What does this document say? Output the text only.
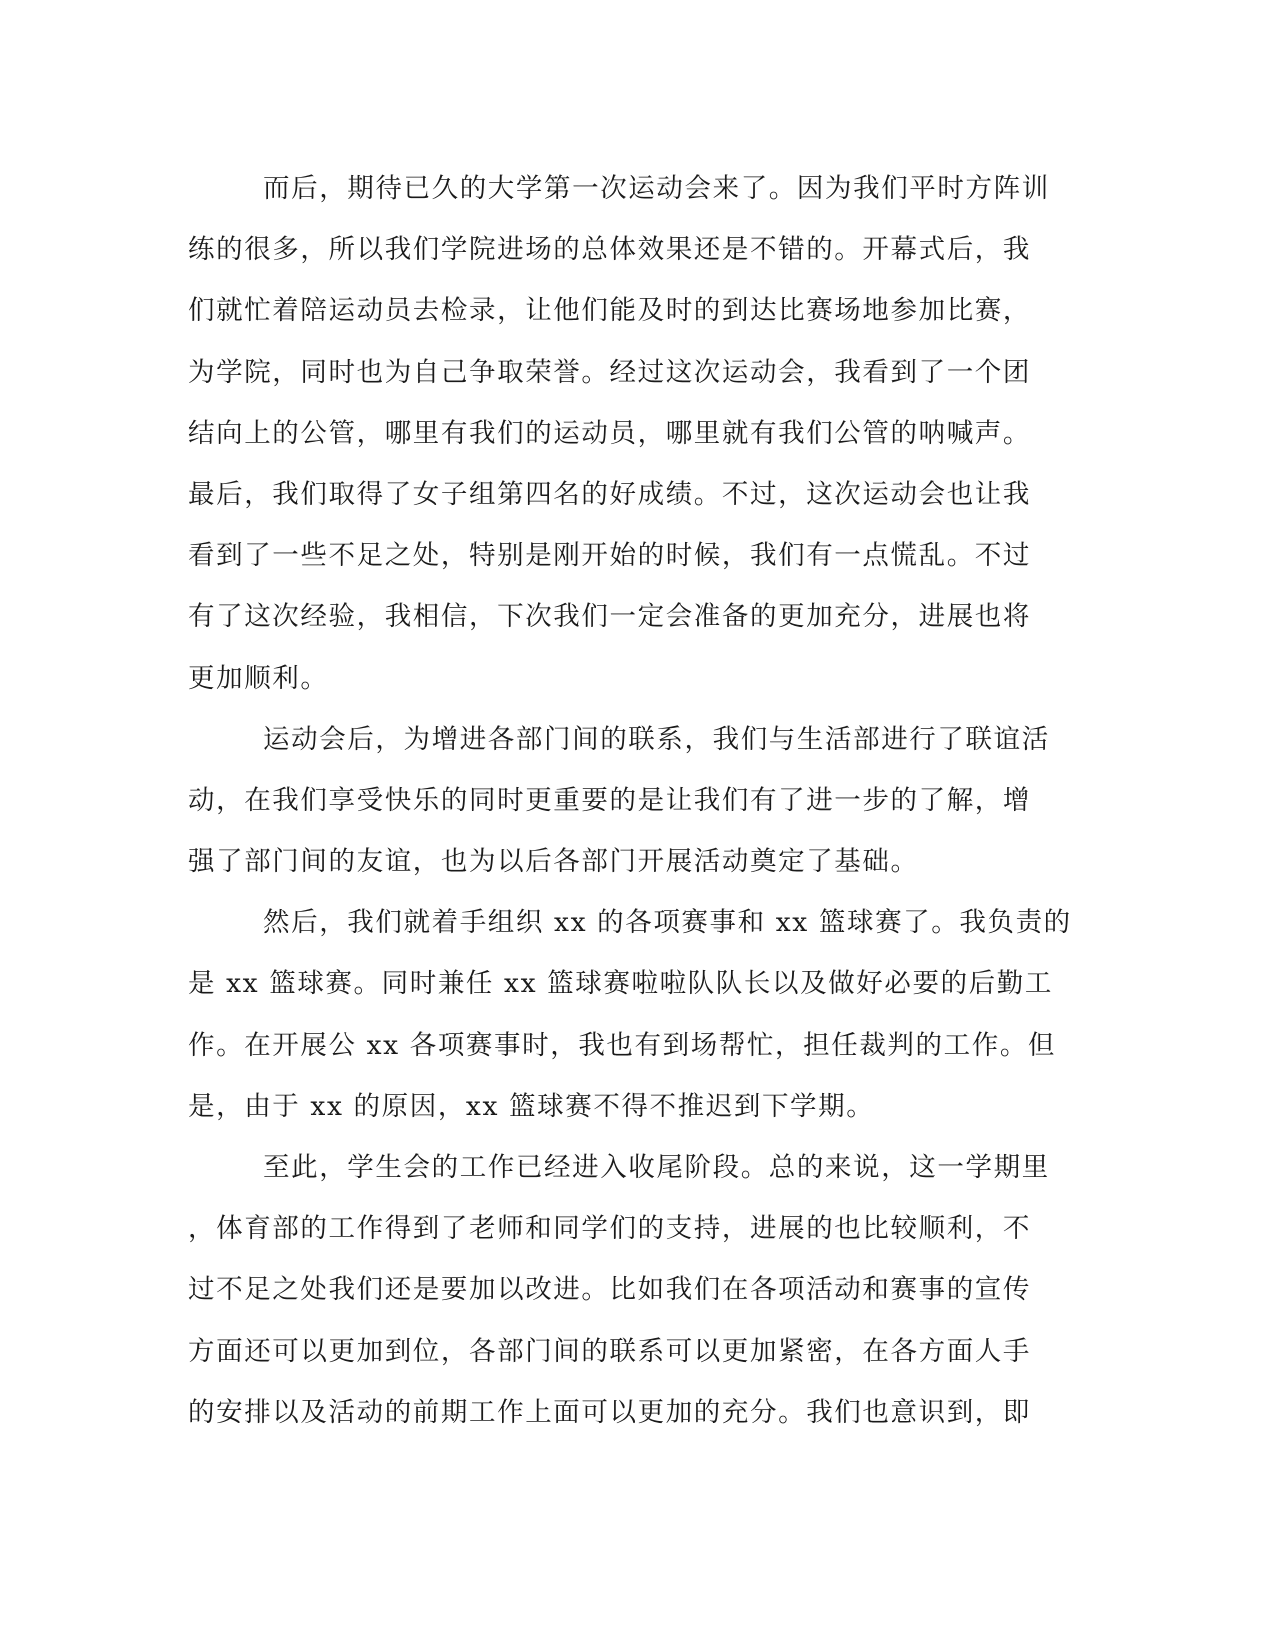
而后，期待已久的大学第一次运动会来了。因为我们平时方阵训
练的很多，所以我们学院进场的总体效果还是不错的。开幕式后，我
们就忙着陪运动员去检录，让他们能及时的到达比赛场地参加比赛，
为学院，同时也为自己争取荣誉。经过这次运动会，我看到了一个团
结向上的公管，哪里有我们的运动员，哪里就有我们公管的呐喊声。
最后，我们取得了女子组第四名的好成绩。不过，这次运动会也让我
看到了一些不足之处，特别是刚开始的时候，我们有一点慌乱。不过
有了这次经验，我相信，下次我们一定会准备的更加充分，进展也将
更加顺利。
运动会后，为增进各部门间的联系，我们与生活部进行了联谊活
动，在我们享受快乐的同时更重要的是让我们有了进一步的了解，增
强了部门间的友谊，也为以后各部门开展活动奠定了基础。
然后，我们就着手组织 xx 的各项赛事和 xx 篮球赛了。我负责的
是 xx 篮球赛。同时兼任 xx 篮球赛啦啦队队长以及做好必要的后勤工
作。在开展公 xx 各项赛事时，我也有到场帮忙，担任裁判的工作。但
是，由于 xx 的原因，xx 篮球赛不得不推迟到下学期。
至此，学生会的工作已经进入收尾阶段。总的来说，这一学期里
，体育部的工作得到了老师和同学们的支持，进展的也比较顺利，不
过不足之处我们还是要加以改进。比如我们在各项活动和赛事的宣传
方面还可以更加到位，各部门间的联系可以更加紧密，在各方面人手
的安排以及活动的前期工作上面可以更加的充分。我们也意识到，即
